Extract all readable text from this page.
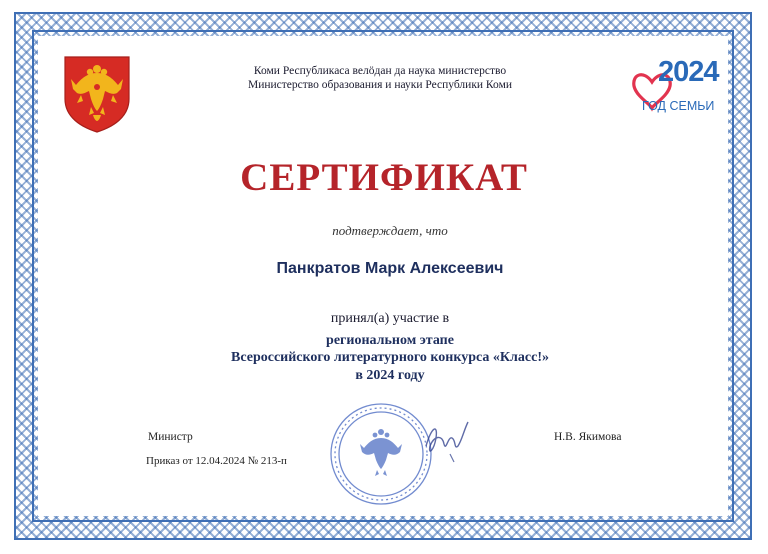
Коми Республикаса велӧдан да наука министерство
Министерство образования и науки Республики Коми	2024
ГОД СЕМЬИ
СЕРТИФИКАТ
подтверждает, что
Панкратов Марк Алексеевич
принял(а) участие в
региональном этапе
Всероссийского литературного конкурса «Класс!»
в 2024 году
Министр
Приказ от 12.04.2024 № 213-п
Н.В. Якимова
